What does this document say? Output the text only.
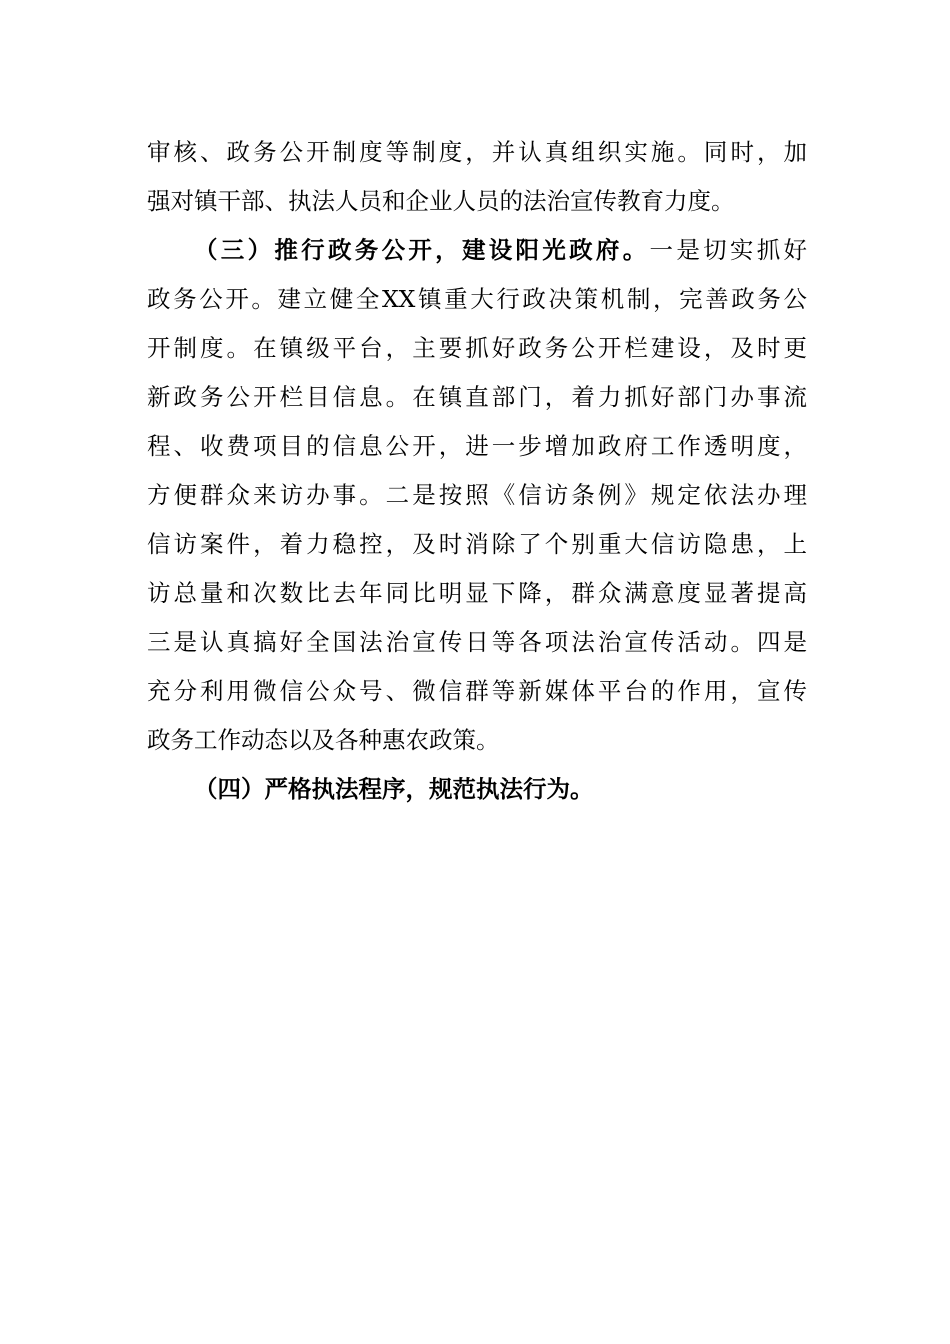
审核、政务公开制度等制度，并认真组织实施。同时，加
强对镇干部、执法人员和企业人员的法治宣传教育力度。
（三）推行政务公开，建设阳光政府。一是切实抓好
政务公开。建立健全XX镇重大行政决策机制，完善政务公
开制度。在镇级平台，主要抓好政务公开栏建设，及时更
新政务公开栏目信息。在镇直部门，着力抓好部门办事流
程、收费项目的信息公开，进一步增加政府工作透明度，
方便群众来访办事。二是按照《信访条例》规定依法办理
信访案件，着力稳控，及时消除了个别重大信访隐患，上
访总量和次数比去年同比明显下降，群众满意度显著提高
三是认真搞好全国法治宣传日等各项法治宣传活动。四是
充分利用微信公众号、微信群等新媒体平台的作用，宣传
政务工作动态以及各种惠农政策。
（四）严格执法程序，规范执法行为。
